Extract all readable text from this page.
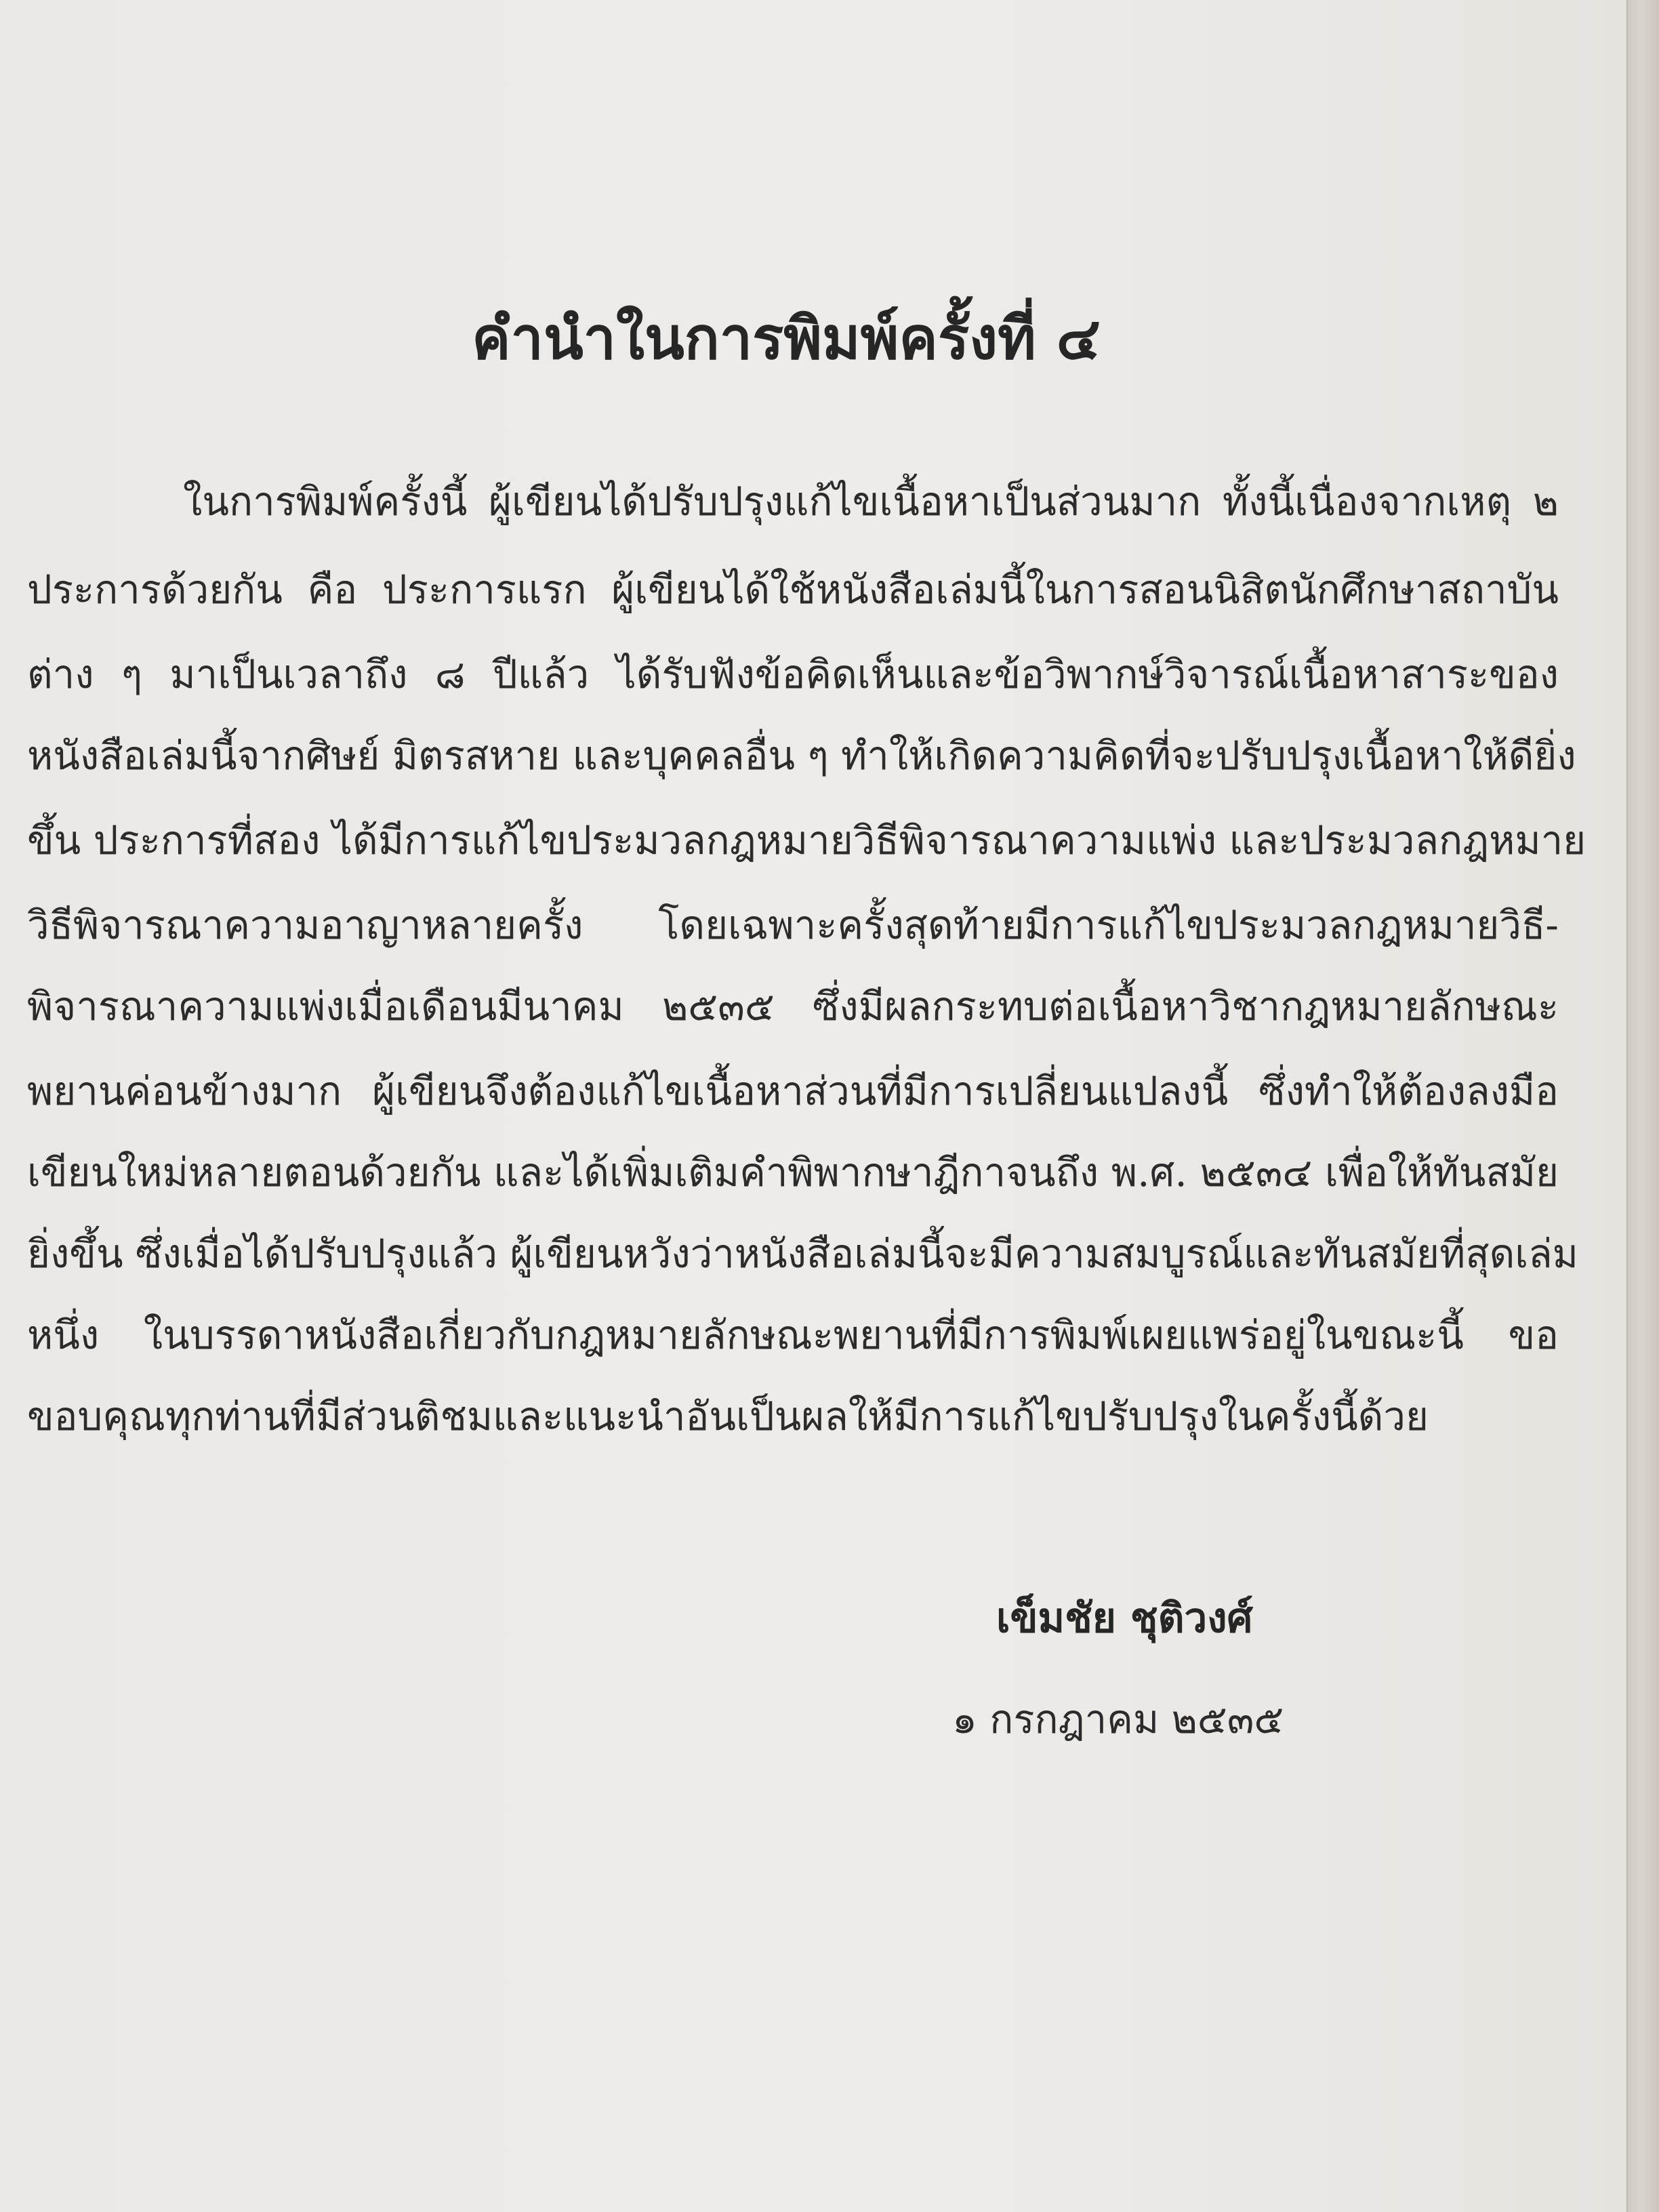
คำนำในการพิมพ์ครั้งที่ ๔
ในการพิมพ์ครั้งนี้ ผู้เขียนได้ปรับปรุงแก้ไขเนื้อหาเป็นส่วนมาก ทั้งนี้เนื่องจากเหตุ ๒
ประการด้วยกัน คือ ประการแรก ผู้เขียนได้ใช้หนังสือเล่มนี้ในการสอนนิสิตนักศึกษาสถาบัน
ต่าง ๆ มาเป็นเวลาถึง ๘ ปีแล้ว ได้รับฟังข้อคิดเห็นและข้อวิพากษ์วิจารณ์เนื้อหาสาระของ
หนังสือเล่มนี้จากศิษย์ มิตรสหาย และบุคคลอื่น ๆ ทำให้เกิดความคิดที่จะปรับปรุงเนื้อหาให้ดียิ่ง
ขึ้น ประการที่สอง ได้มีการแก้ไขประมวลกฎหมายวิธีพิจารณาความแพ่ง และประมวลกฎหมาย
วิธีพิจารณาความอาญาหลายครั้ง โดยเฉพาะครั้งสุดท้ายมีการแก้ไขประมวลกฎหมายวิธี-
พิจารณาความแพ่งเมื่อเดือนมีนาคม ๒๕๓๕ ซึ่งมีผลกระทบต่อเนื้อหาวิชากฎหมายลักษณะ
พยานค่อนข้างมาก ผู้เขียนจึงต้องแก้ไขเนื้อหาส่วนที่มีการเปลี่ยนแปลงนี้ ซึ่งทำให้ต้องลงมือ
เขียนใหม่หลายตอนด้วยกัน และได้เพิ่มเติมคำพิพากษาฎีกาจนถึง พ.ศ. ๒๕๓๔ เพื่อให้ทันสมัย
ยิ่งขึ้น ซึ่งเมื่อได้ปรับปรุงแล้ว ผู้เขียนหวังว่าหนังสือเล่มนี้จะมีความสมบูรณ์และทันสมัยที่สุดเล่ม
หนึ่ง ในบรรดาหนังสือเกี่ยวกับกฎหมายลักษณะพยานที่มีการพิมพ์เผยแพร่อยู่ในขณะนี้ ขอ
ขอบคุณทุกท่านที่มีส่วนติชมและแนะนำอันเป็นผลให้มีการแก้ไขปรับปรุงในครั้งนี้ด้วย
เข็มชัย ชุติวงศ์
๑ กรกฎาคม ๒๕๓๕
